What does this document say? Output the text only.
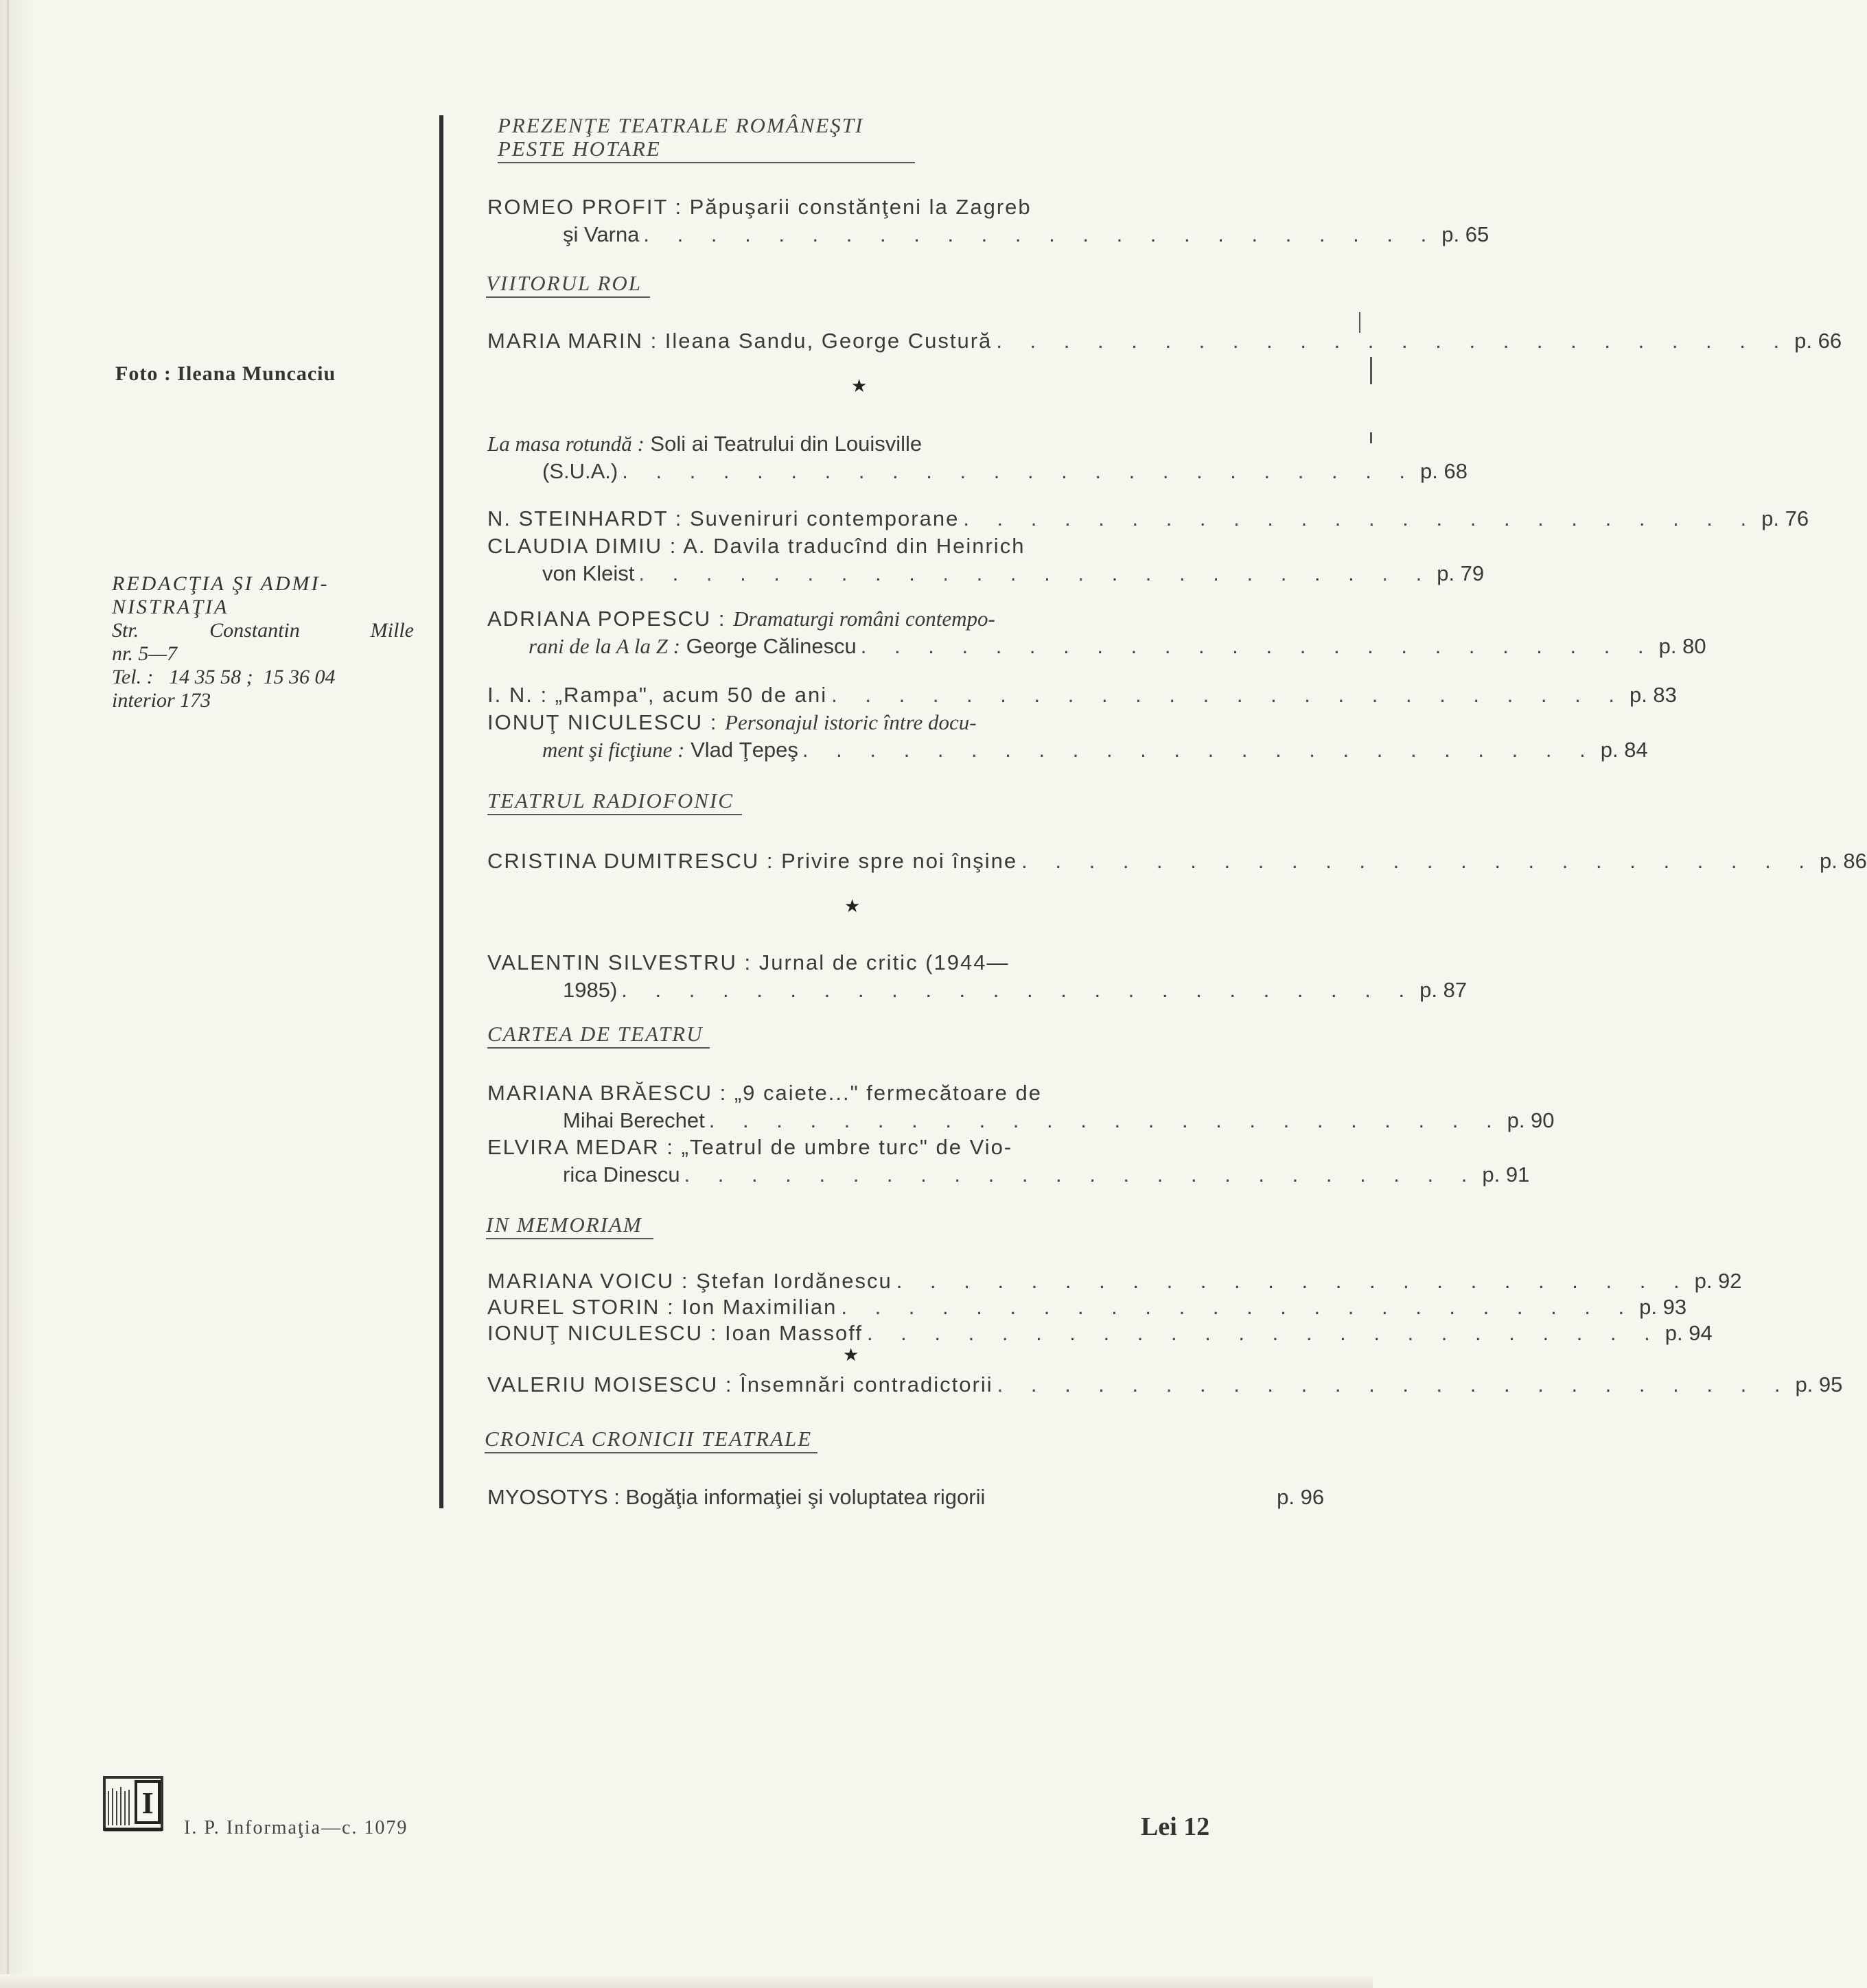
Foto : Ileana Muncaciu
REDACŢIA ŞI ADMI-
NISTRAŢIA
Str.	Constantin	Mille
nr. 5—7
Tel. :   14 35 58 ;  15 36 04
interior 173
PREZENŢE TEATRALE ROMÂNEŞTI
PESTE HOTARE
ROMEO PROFIT : Păpuşarii constănţeni la Zagreb
şi Varna . . . . . . . . . . . . . . . . . . . . . . . . p. 65
VIITORUL ROL
MARIA MARIN : Ileana Sandu, George Custură . . . . . . . . . . . . . . . . . . . . . . . . p. 66
★
La masa rotundă : Soli ai Teatrului din Louisville
(S.U.A.) . . . . . . . . . . . . . . . . . . . . . . . . p. 68
N. STEINHARDT : Suveniruri contemporane . . . . . . . . . . . . . . . . . . . . . . . . p. 76
CLAUDIA DIMIU : A. Davila traducînd din Heinrich
von Kleist . . . . . . . . . . . . . . . . . . . . . . . . p. 79
ADRIANA POPESCU : Dramaturgi români contempo-
rani de la A la Z : George Călinescu . . . . . . . . . . . . . . . . . . . . . . . . p. 80
I. N. : „Rampa", acum 50 de ani . . . . . . . . . . . . . . . . . . . . . . . . p. 83
IONUŢ NICULESCU : Personajul istoric între docu-
ment şi ficţiune : Vlad Ţepeş . . . . . . . . . . . . . . . . . . . . . . . . p. 84
TEATRUL RADIOFONIC
CRISTINA DUMITRESCU : Privire spre noi înşine . . . . . . . . . . . . . . . . . . . . . . . . p. 86
★
VALENTIN SILVESTRU : Jurnal de critic (1944—
1985) . . . . . . . . . . . . . . . . . . . . . . . . p. 87
CARTEA DE TEATRU
MARIANA BRĂESCU : „9 caiete..." fermecătoare de
Mihai Berechet . . . . . . . . . . . . . . . . . . . . . . . . p. 90
ELVIRA MEDAR : „Teatrul de umbre turc" de Vio-
rica Dinescu . . . . . . . . . . . . . . . . . . . . . . . . p. 91
IN MEMORIAM
MARIANA VOICU : Ştefan Iordănescu . . . . . . . . . . . . . . . . . . . . . . . . p. 92
AUREL STORIN : Ion Maximilian . . . . . . . . . . . . . . . . . . . . . . . . p. 93
IONUŢ NICULESCU : Ioan Massoff . . . . . . . . . . . . . . . . . . . . . . . . p. 94
★
VALERIU MOISESCU : Însemnări contradictorii . . . . . . . . . . . . . . . . . . . . . . . . p. 95
CRONICA CRONICII TEATRALE
MYOSOTYS : Bogăţia informaţiei şi voluptatea rigorii	p. 96
I
I. P. Informaţia—c. 1079	Lei 12
